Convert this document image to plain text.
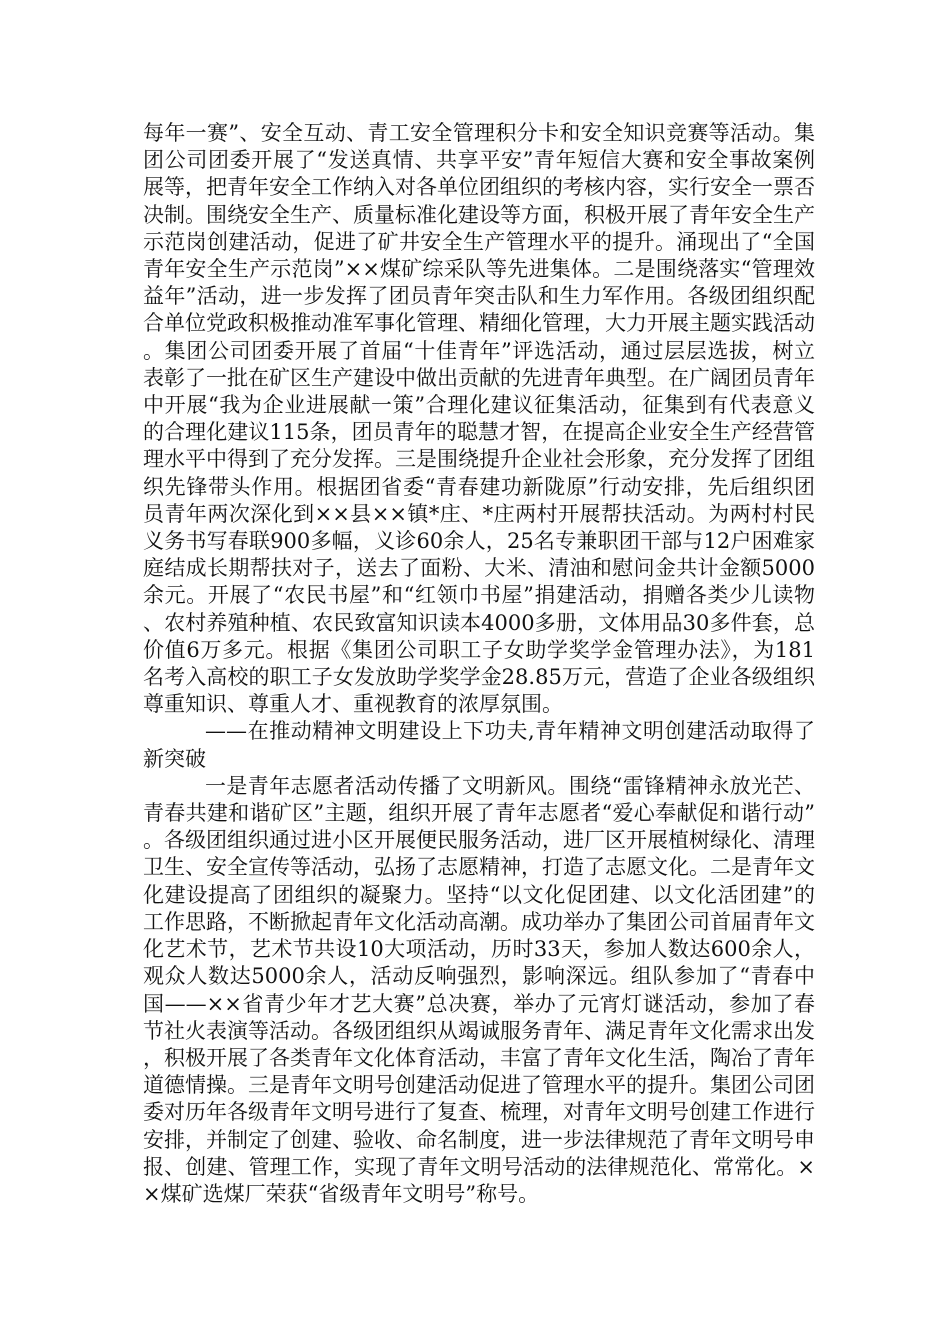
每年一赛”、安全互动、青工安全管理积分卡和安全知识竞赛等活动。集团公司团委开展了“发送真情、共享平安”青年短信大赛和安全事故案例展等，把青年安全工作纳入对各单位团组织的考核内容，实行安全一票否决制。围绕安全生产、质量标准化建设等方面，积极开展了青年安全生产示范岗创建活动，促进了矿井安全生产管理水平的提升。涌现出了“全国青年安全生产示范岗”××煤矿综采队等先进集体。二是围绕落实“管理效益年”活动，进一步发挥了团员青年突击队和生力军作用。各级团组织配合单位党政积极推动准军事化管理、精细化管理，大力开展主题实践活动。集团公司团委开展了首届“十佳青年”评选活动，通过层层选拔，树立表彰了一批在矿区生产建设中做出贡献的先进青年典型。在广阔团员青年中开展“我为企业进展献一策”合理化建议征集活动，征集到有代表意义的合理化建议115条，团员青年的聪慧才智，在提高企业安全生产经营管理水平中得到了充分发挥。三是围绕提升企业社会形象，充分发挥了团组织先锋带头作用。根据团省委“青春建功新陇原”行动安排，先后组织团员青年两次深化到××县××镇*庄、*庄两村开展帮扶活动。为两村村民义务书写春联900多幅，义诊60余人，25名专兼职团干部与12户困难家庭结成长期帮扶对子，送去了面粉、大米、清油和慰问金共计金额5000余元。开展了“农民书屋”和“红领巾书屋”捐建活动，捐赠各类少儿读物、农村养殖种植、农民致富知识读本4000多册，文体用品30多件套，总价值6万多元。根据《集团公司职工子女助学奖学金管理办法》，为181名考入高校的职工子女发放助学奖学金28.85万元，营造了企业各级组织尊重知识、尊重人才、重视教育的浓厚氛围。

——在推动精神文明建设上下功夫,青年精神文明创建活动取得了新突破

一是青年志愿者活动传播了文明新风。围绕“雷锋精神永放光芒、青春共建和谐矿区”主题，组织开展了青年志愿者“爱心奉献促和谐行动”。各级团组织通过进小区开展便民服务活动，进厂区开展植树绿化、清理卫生、安全宣传等活动，弘扬了志愿精神，打造了志愿文化。二是青年文化建设提高了团组织的凝聚力。坚持“以文化促团建、以文化活团建”的工作思路，不断掀起青年文化活动高潮。成功举办了集团公司首届青年文化艺术节，艺术节共设10大项活动，历时33天，参加人数达600余人，观众人数达5000余人，活动反响强烈，影响深远。组队参加了“青春中国——××省青少年才艺大赛”总决赛，举办了元宵灯谜活动，参加了春节社火表演等活动。各级团组织从竭诚服务青年、满足青年文化需求出发，积极开展了各类青年文化体育活动，丰富了青年文化生活，陶冶了青年道德情操。三是青年文明号创建活动促进了管理水平的提升。集团公司团委对历年各级青年文明号进行了复查、梳理，对青年文明号创建工作进行安排，并制定了创建、验收、命名制度，进一步法律规范了青年文明号申报、创建、管理工作，实现了青年文明号活动的法律规范化、常常化。××煤矿选煤厂荣获“省级青年文明号”称号。
